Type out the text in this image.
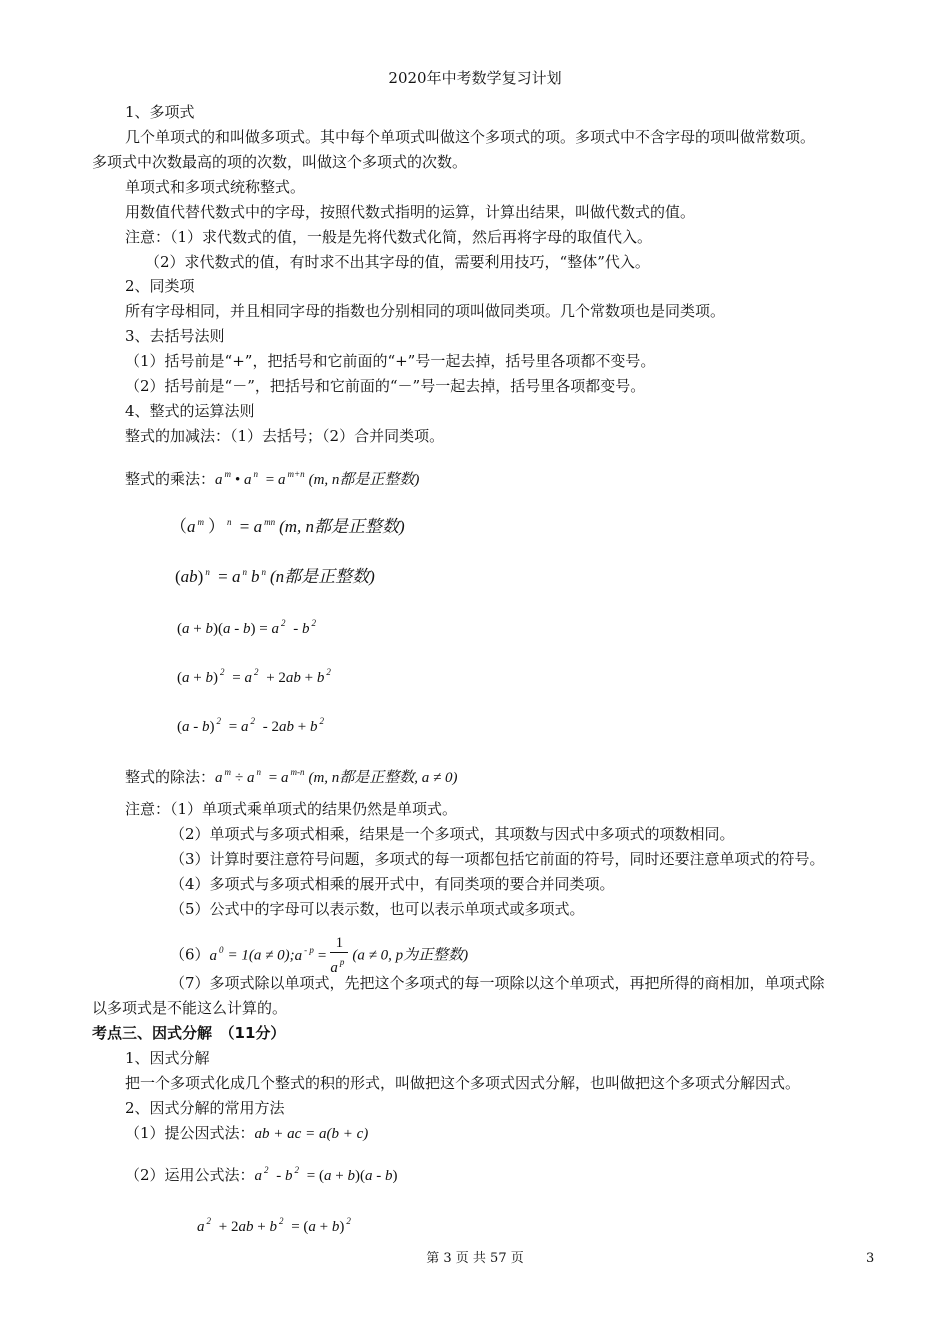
2020年中考数学复习计划
1、多项式
几个单项式的和叫做多项式。其中每个单项式叫做这个多项式的项。多项式中不含字母的项叫做常数项。
多项式中次数最高的项的次数，叫做这个多项式的次数。
单项式和多项式统称整式。
用数值代替代数式中的字母，按照代数式指明的运算，计算出结果，叫做代数式的值。
注意：（1）求代数式的值，一般是先将代数式化简，然后再将字母的取值代入。
（2）求代数式的值，有时求不出其字母的值，需要利用技巧，“整体”代入。
2、同类项
所有字母相同，并且相同字母的指数也分别相同的项叫做同类项。几个常数项也是同类项。
3、去括号法则
（1）括号前是“+”，把括号和它前面的“+”号一起去掉，括号里各项都不变号。
（2）括号前是“－”，把括号和它前面的“－”号一起去掉，括号里各项都变号。
4、整式的运算法则
整式的加减法：（1）去括号；（2）合并同类项。
整式的乘法：a $^m$ • a $^n$ = a $^{m+n}$ (m, n都是正整数)
（a $^m$ ） $^n$ = a $^{mn}$ (m, n都是正整数)
(ab) $^n$ = a $^n$ b $^n$ (n都是正整数)
(a + b)(a - b) = a $^2$ - b $^2$
(a + b) $^2$ = a $^2$ + 2ab + b $^2$
(a - b) $^2$ = a $^2$ - 2ab + b $^2$
整式的除法：a $^m$ ÷ a $^n$ = a $^{m-n}$ (m, n都是正整数, a ≠ 0)
注意：（1）单项式乘单项式的结果仍然是单项式。
（2）单项式与多项式相乘，结果是一个多项式，其项数与因式中多项式的项数相同。
（3）计算时要注意符号问题，多项式的每一项都包括它前面的符号，同时还要注意单项式的符号。
（4）多项式与多项式相乘的展开式中，有同类项的要合并同类项。
（5）公式中的字母可以表示数，也可以表示单项式或多项式。
（6）a $^0$ = 1(a ≠ 0);a $^{- p} = \frac{1}{a ^p} (a \ne 0$, p为正整数)
（7）多项式除以单项式，先把这个多项式的每一项除以这个单项式，再把所得的商相加，单项式除
以多项式是不能这么计算的。
考点三、因式分解　（11分）
1、因式分解
把一个多项式化成几个整式的积的形式，叫做把这个多项式因式分解，也叫做把这个多项式分解因式。
2、因式分解的常用方法
（1）提公因式法：ab + ac = a(b + c)
（2）运用公式法：a $^2$ - b $^2$ = (a + b)(a - b)
a $^2$ + 2ab + b $^2$ = (a + b) $^2$
第 3 页 共 57 页	3
